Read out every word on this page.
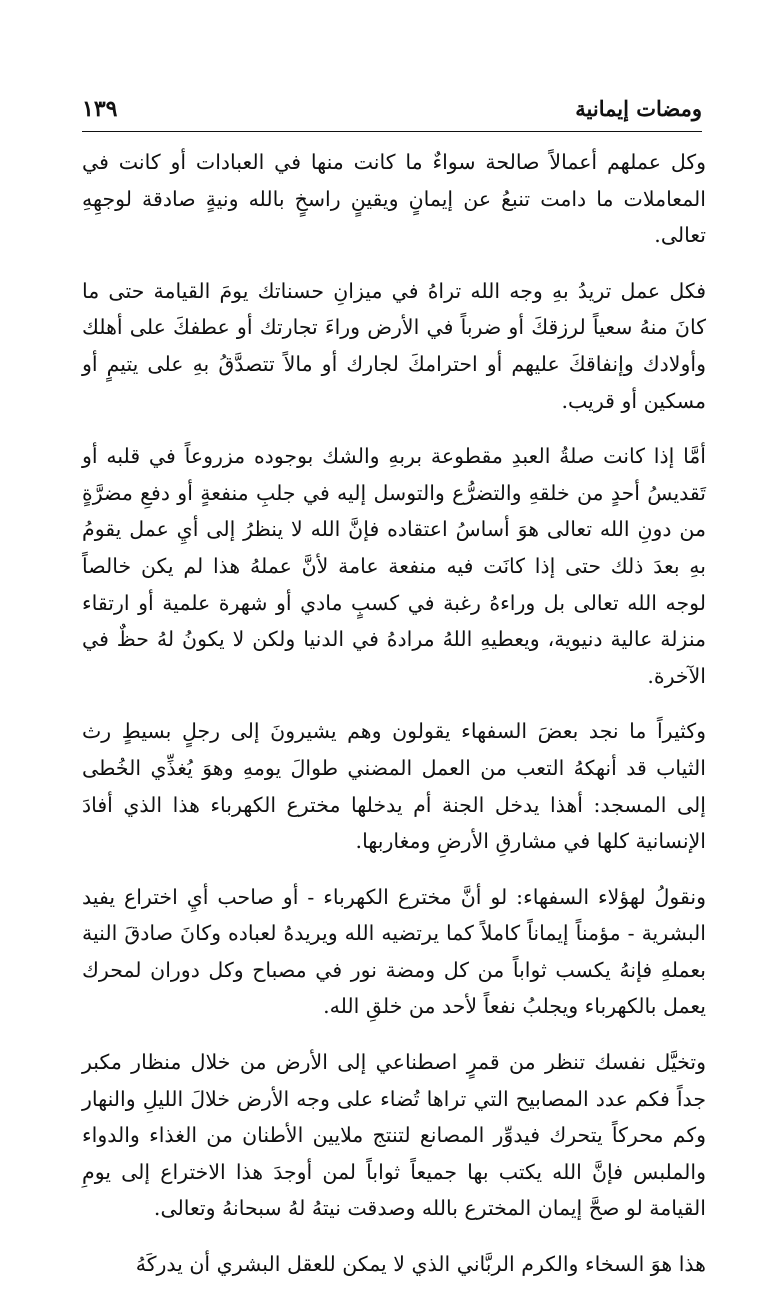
ومضات إيمانية
١٣٩

وكل عملهم أعمالاً صالحة سواءٌ ما كانت منها في العبادات أو كانت في المعاملات ما دامت تنبعُ عن إيمانٍ ويقينٍ راسخٍ بالله ونيةٍ صادقة لوجهِهِ تعالى.

فكل عمل تريدُ بهِ وجه الله تراهُ في ميزانِ حسناتك يومَ القيامة حتى ما كانَ منهُ سعياً لرزقكَ أو ضرباً في الأرض وراءَ تجارتك أو عطفكَ على أهلك وأولادك وإنفاقكَ عليهم أو احترامكَ لجارك أو مالاً تتصدَّقُ بهِ على يتيمٍ أو مسكين أو قريب.

أمَّا إذا كانت صلةُ العبدِ مقطوعة بربهِ والشك بوجوده مزروعاً في قلبه أو تَقديسُ أحدٍ من خلقهِ والتضرُّع والتوسل إليه في جلبِ منفعةٍ أو دفعِ مضرَّةٍ من دونِ الله تعالى هوَ أساسُ اعتقاده فإنَّ الله لا ينظرُ إلى أيِ عمل يقومُ بهِ بعدَ ذلك حتى إذا كانَت فيه منفعة عامة لأنَّ عملهُ هذا لم يكن خالصاً لوجه الله تعالى بل وراءهُ رغبة في كسبٍ مادي أو شهرة علمية أو ارتقاء منزلة عالية دنيوية، ويعطيهِ اللهُ مرادهُ في الدنيا ولكن لا يكونُ لهُ حظٌ في الآخرة.

وكثيراً ما نجد بعضَ السفهاء يقولون وهم يشيرونَ إلى رجلٍ بسيطٍ رث الثياب قد أنهكهُ التعب من العمل المضني طوالَ يومهِ وهوَ يُغذِّي الخُطى إلى المسجد: أهذا يدخل الجنة أم يدخلها مخترع الكهرباء هذا الذي أفادَ الإنسانية كلها في مشارقِ الأرضِ ومغاربها.

ونقولُ لهؤلاء السفهاء: لو أنَّ مخترع الكهرباء - أو صاحب أيِ اختراع يفيد البشرية - مؤمناً إيماناً كاملاً كما يرتضيه الله ويريدهُ لعباده وكانَ صادقَ النية بعملهِ فإنهُ يكسب ثواباً من كل ومضة نور في مصباح وكل دوران لمحرك يعمل بالكهرباء ويجلبُ نفعاً لأحد من خلقِ الله.

وتخيَّل نفسك تنظر من قمرٍ اصطناعي إلى الأرض من خلال منظار مكبر جداً فكم عدد المصابيح التي تراها تُضاء على وجه الأرض خلالَ الليلِ والنهار وكم محركاً يتحرك فيدوِّر المصانع لتنتج ملايين الأطنان من الغذاء والدواء والملبس فإنَّ الله يكتب بها جميعاً ثواباً لمن أوجدَ هذا الاختراع إلى يومِ القيامة لو صحَّ إيمان المخترع بالله وصدقت نيتهُ لهُ سبحانهُ وتعالى.

هذا هوَ السخاء والكرم الربَّاني الذي لا يمكن للعقل البشري أن يدركَهُ
